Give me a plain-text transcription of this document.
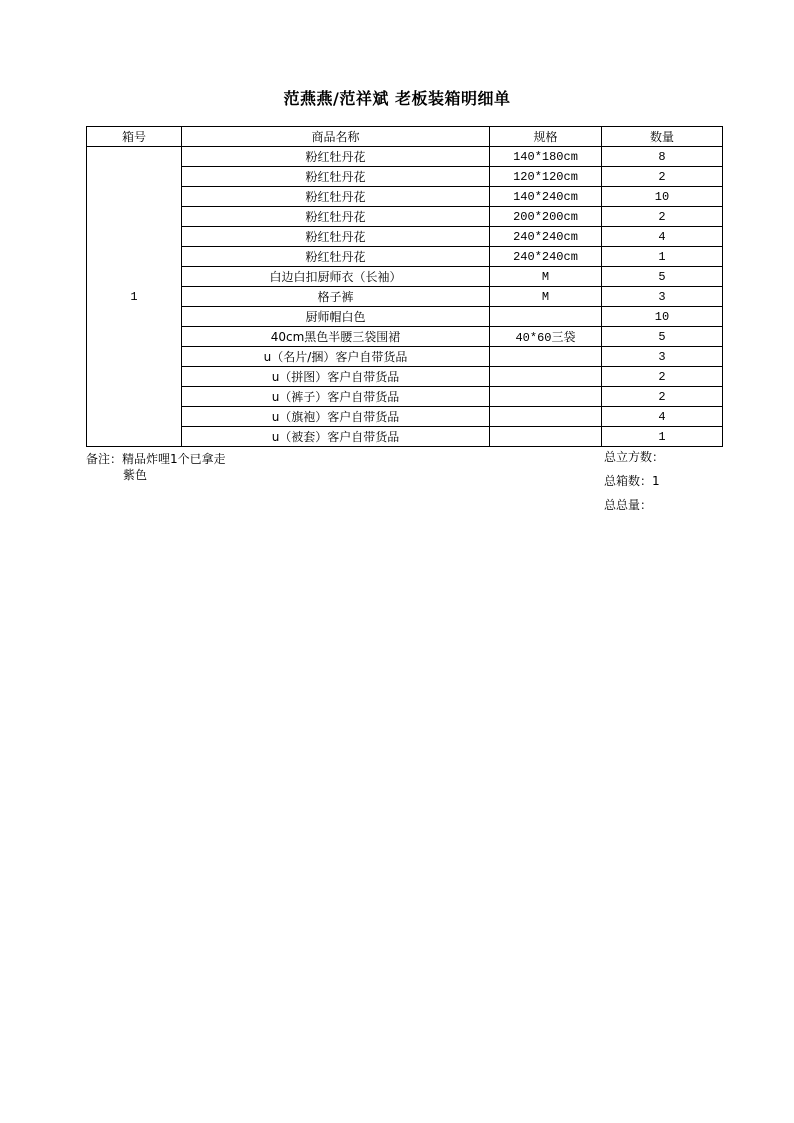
范燕燕/范祥斌 老板装箱明细单
箱号	商品名称	规格	数量
1	粉红牡丹花	140*180cm	8
	粉红牡丹花	120*120cm	2
	粉红牡丹花	140*240cm	10
	粉红牡丹花	200*200cm	2
	粉红牡丹花	240*240cm	4
	粉红牡丹花	240*240cm	1
	白边白扣厨师衣（长袖）	M	5
	格子裤	M	3
	厨师帽白色		10
	40cm黑色半腰三袋围裙	40*60三袋	5
	u（名片/捆）客户自带货品		3
	u（拼图）客户自带货品		2
	u（裤子）客户自带货品		2
	u（旗袍）客户自带货品		4
	u（被套）客户自带货品		1
备注：精品炸哩1个已拿走
紫色
总立方数：
总箱数：1
总总量：
